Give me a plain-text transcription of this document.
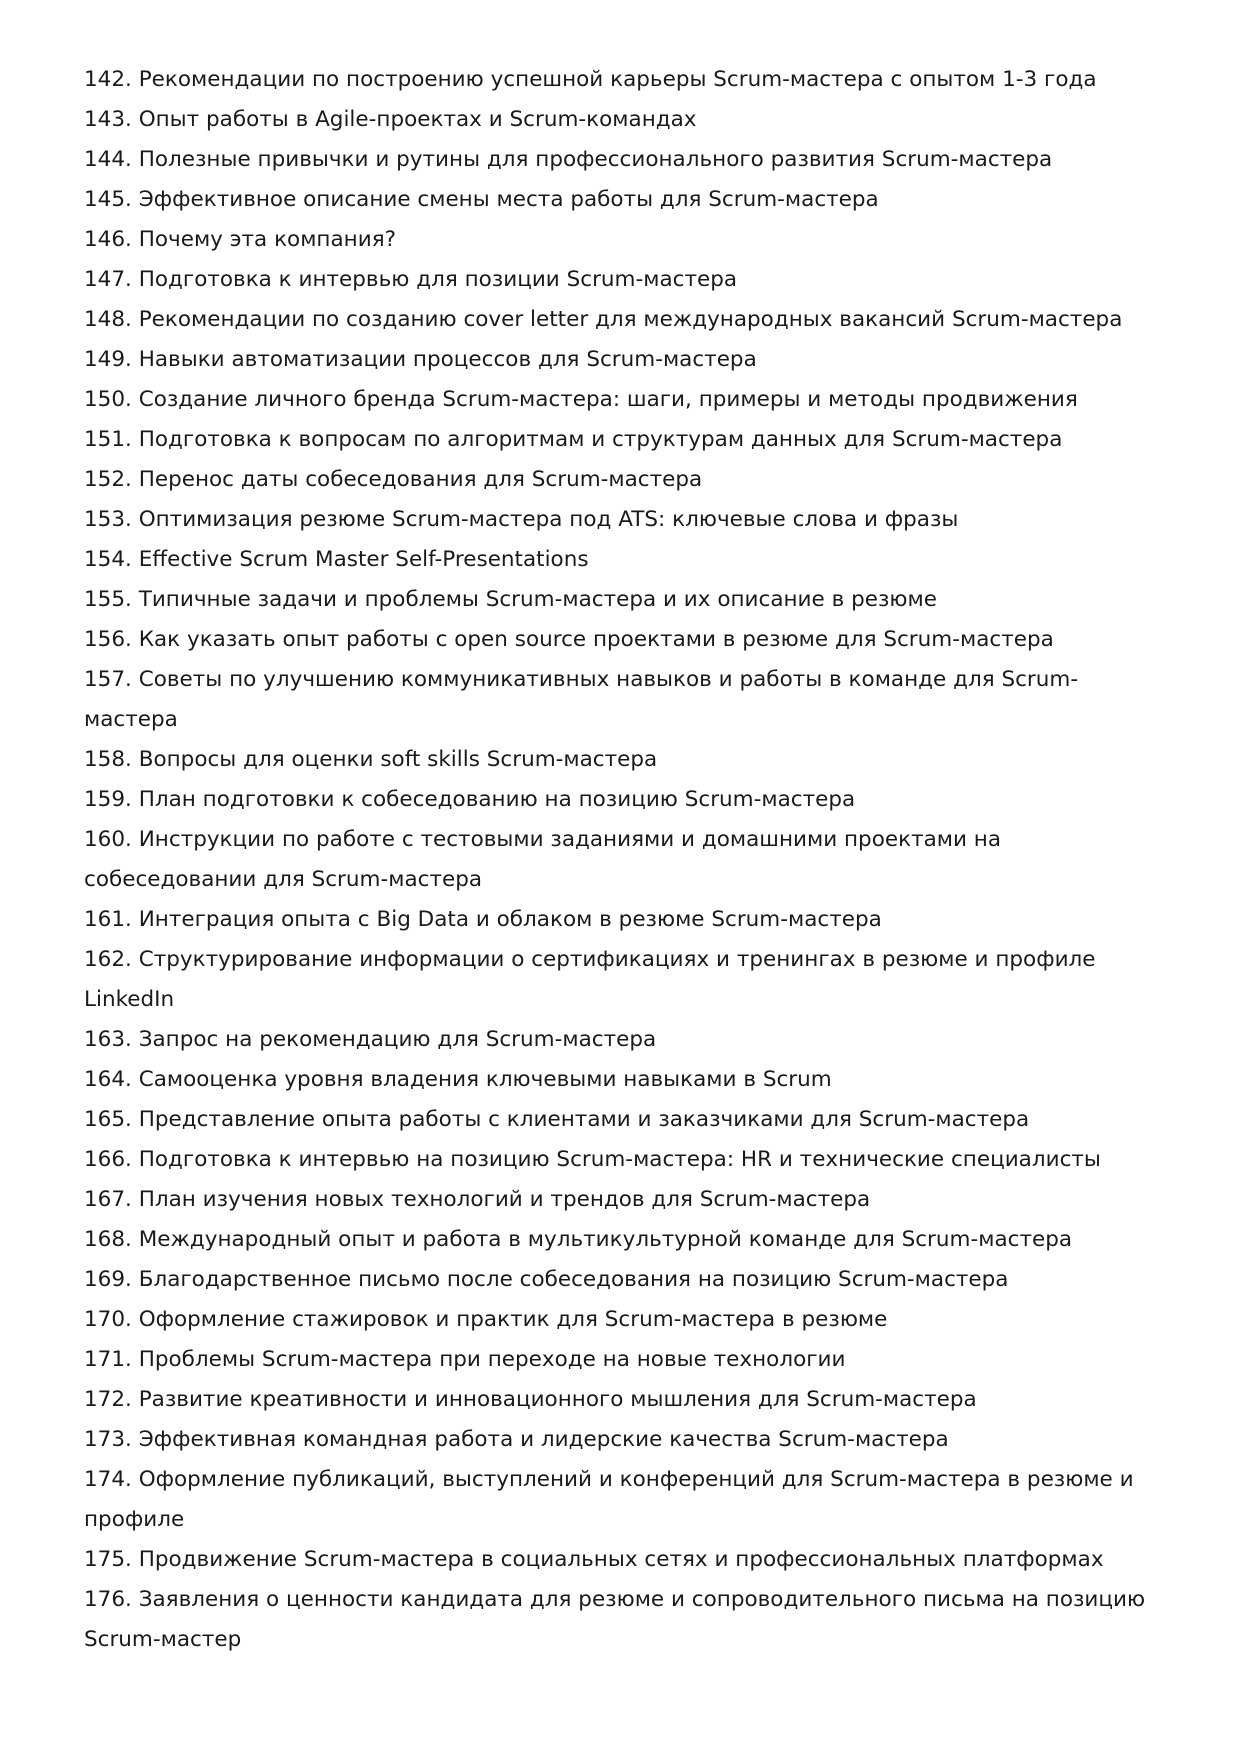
142. Рекомендации по построению успешной карьеры Scrum-мастера с опытом 1-3 года
143. Опыт работы в Agile-проектах и Scrum-командах
144. Полезные привычки и рутины для профессионального развития Scrum-мастера
145. Эффективное описание смены места работы для Scrum-мастера
146. Почему эта компания?
147. Подготовка к интервью для позиции Scrum-мастера
148. Рекомендации по созданию cover letter для международных вакансий Scrum-мастера
149. Навыки автоматизации процессов для Scrum-мастера
150. Создание личного бренда Scrum-мастера: шаги, примеры и методы продвижения
151. Подготовка к вопросам по алгоритмам и структурам данных для Scrum-мастера
152. Перенос даты собеседования для Scrum-мастера
153. Оптимизация резюме Scrum-мастера под ATS: ключевые слова и фразы
154. Effective Scrum Master Self-Presentations
155. Типичные задачи и проблемы Scrum-мастера и их описание в резюме
156. Как указать опыт работы с open source проектами в резюме для Scrum-мастера
157. Советы по улучшению коммуникативных навыков и работы в команде для Scrum-мастера
158. Вопросы для оценки soft skills Scrum-мастера
159. План подготовки к собеседованию на позицию Scrum-мастера
160. Инструкции по работе с тестовыми заданиями и домашними проектами на собеседовании для Scrum-мастера
161. Интеграция опыта с Big Data и облаком в резюме Scrum-мастера
162. Структурирование информации о сертификациях и тренингах в резюме и профиле LinkedIn
163. Запрос на рекомендацию для Scrum-мастера
164. Самооценка уровня владения ключевыми навыками в Scrum
165. Представление опыта работы с клиентами и заказчиками для Scrum-мастера
166. Подготовка к интервью на позицию Scrum-мастера: HR и технические специалисты
167. План изучения новых технологий и трендов для Scrum-мастера
168. Международный опыт и работа в мультикультурной команде для Scrum-мастера
169. Благодарственное письмо после собеседования на позицию Scrum-мастера
170. Оформление стажировок и практик для Scrum-мастера в резюме
171. Проблемы Scrum-мастера при переходе на новые технологии
172. Развитие креативности и инновационного мышления для Scrum-мастера
173. Эффективная командная работа и лидерские качества Scrum-мастера
174. Оформление публикаций, выступлений и конференций для Scrum-мастера в резюме и профиле
175. Продвижение Scrum-мастера в социальных сетях и профессиональных платформах
176. Заявления о ценности кандидата для резюме и сопроводительного письма на позицию Scrum-мастер
